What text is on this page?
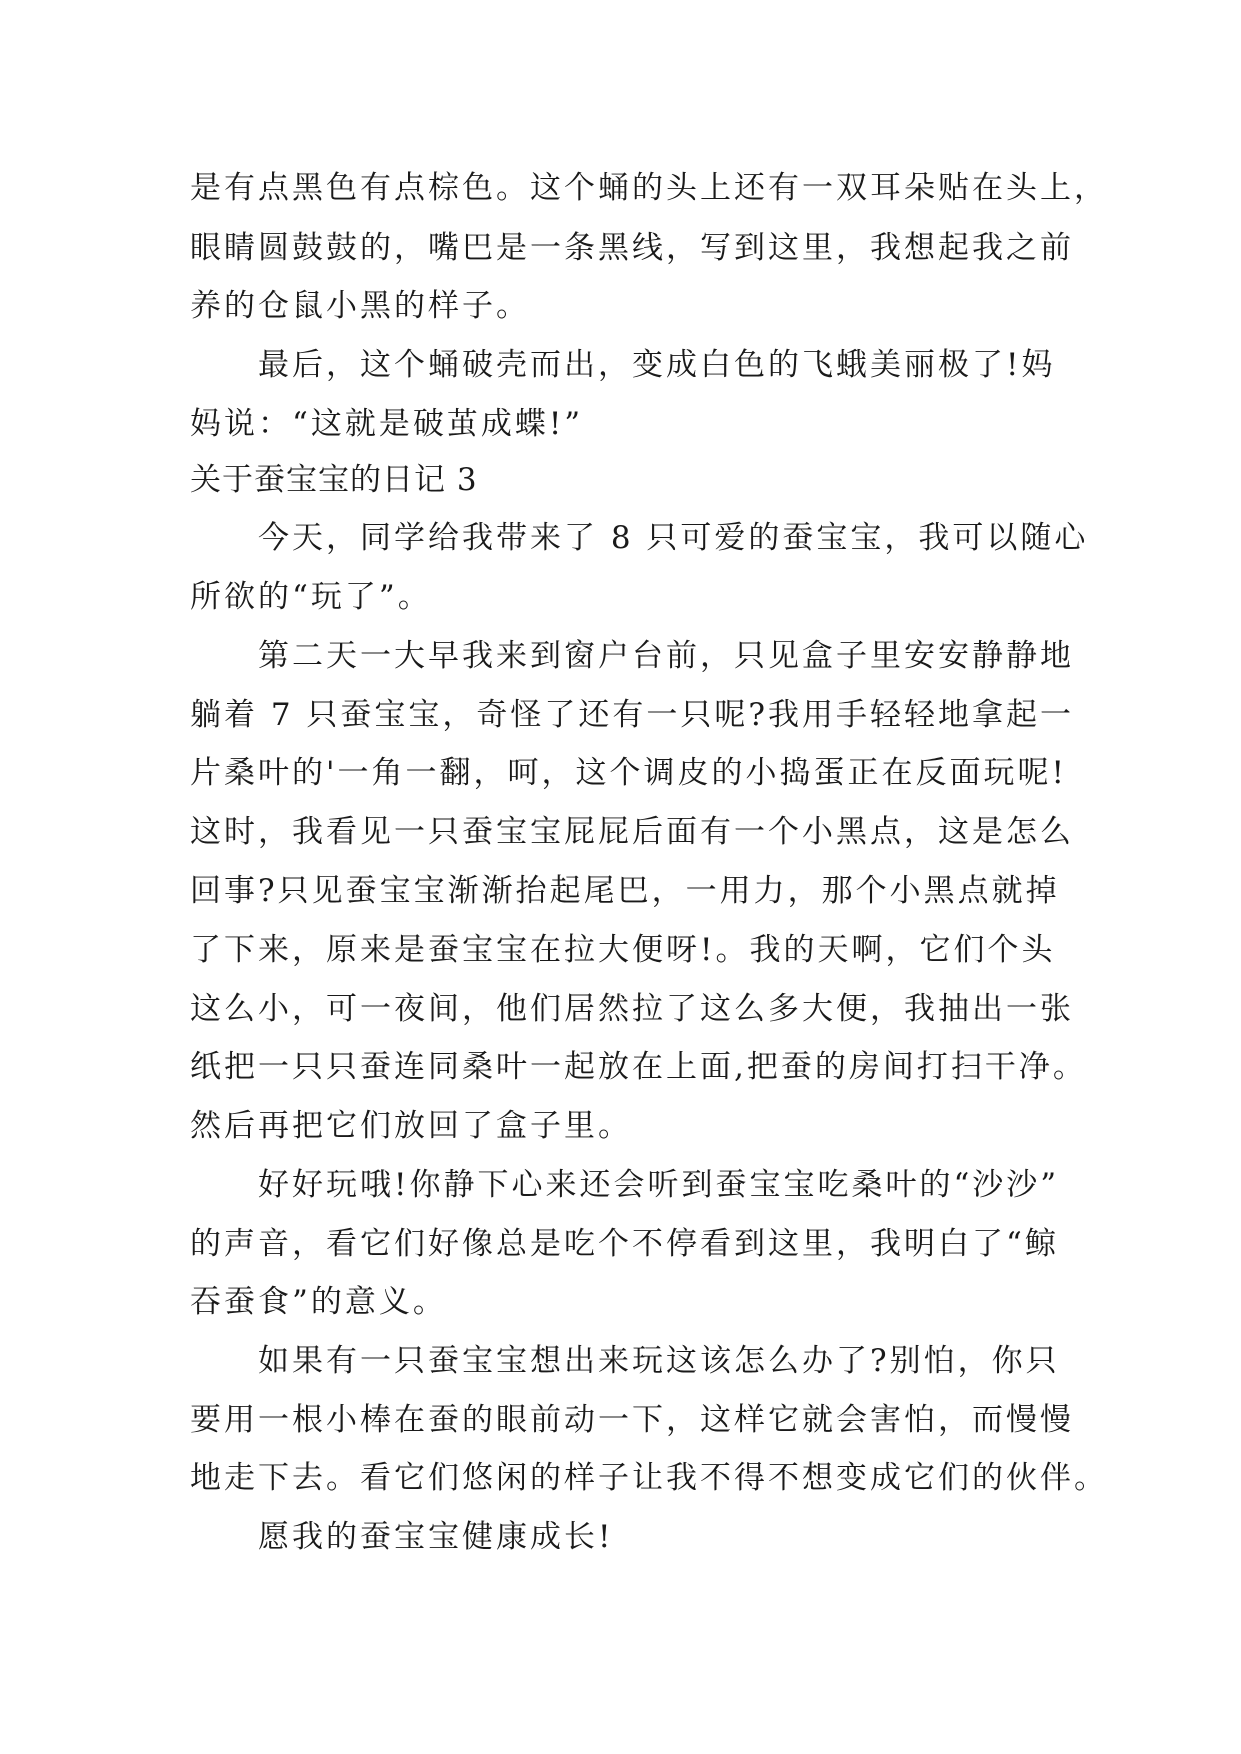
是有点黑色有点棕色。这个蛹的头上还有一双耳朵贴在头上，
眼睛圆鼓鼓的，嘴巴是一条黑线，写到这里，我想起我之前
养的仓鼠小黑的样子。
最后，这个蛹破壳而出，变成白色的飞蛾美丽极了!妈
妈说：“这就是破茧成蝶!”
关于蚕宝宝的日记 3
今天，同学给我带来了 8 只可爱的蚕宝宝，我可以随心
所欲的“玩了”。
第二天一大早我来到窗户台前，只见盒子里安安静静地
躺着 7 只蚕宝宝，奇怪了还有一只呢?我用手轻轻地拿起一
片桑叶的'一角一翻，呵，这个调皮的小捣蛋正在反面玩呢!
这时，我看见一只蚕宝宝屁屁后面有一个小黑点，这是怎么
回事?只见蚕宝宝渐渐抬起尾巴，一用力，那个小黑点就掉
了下来，原来是蚕宝宝在拉大便呀!。我的天啊，它们个头
这么小，可一夜间，他们居然拉了这么多大便，我抽出一张
纸把一只只蚕连同桑叶一起放在上面,把蚕的房间打扫干净。
然后再把它们放回了盒子里。
好好玩哦!你静下心来还会听到蚕宝宝吃桑叶的“沙沙”
的声音，看它们好像总是吃个不停看到这里，我明白了“鲸
吞蚕食”的意义。
如果有一只蚕宝宝想出来玩这该怎么办了?别怕，你只
要用一根小棒在蚕的眼前动一下，这样它就会害怕，而慢慢
地走下去。看它们悠闲的样子让我不得不想变成它们的伙伴。
愿我的蚕宝宝健康成长!
